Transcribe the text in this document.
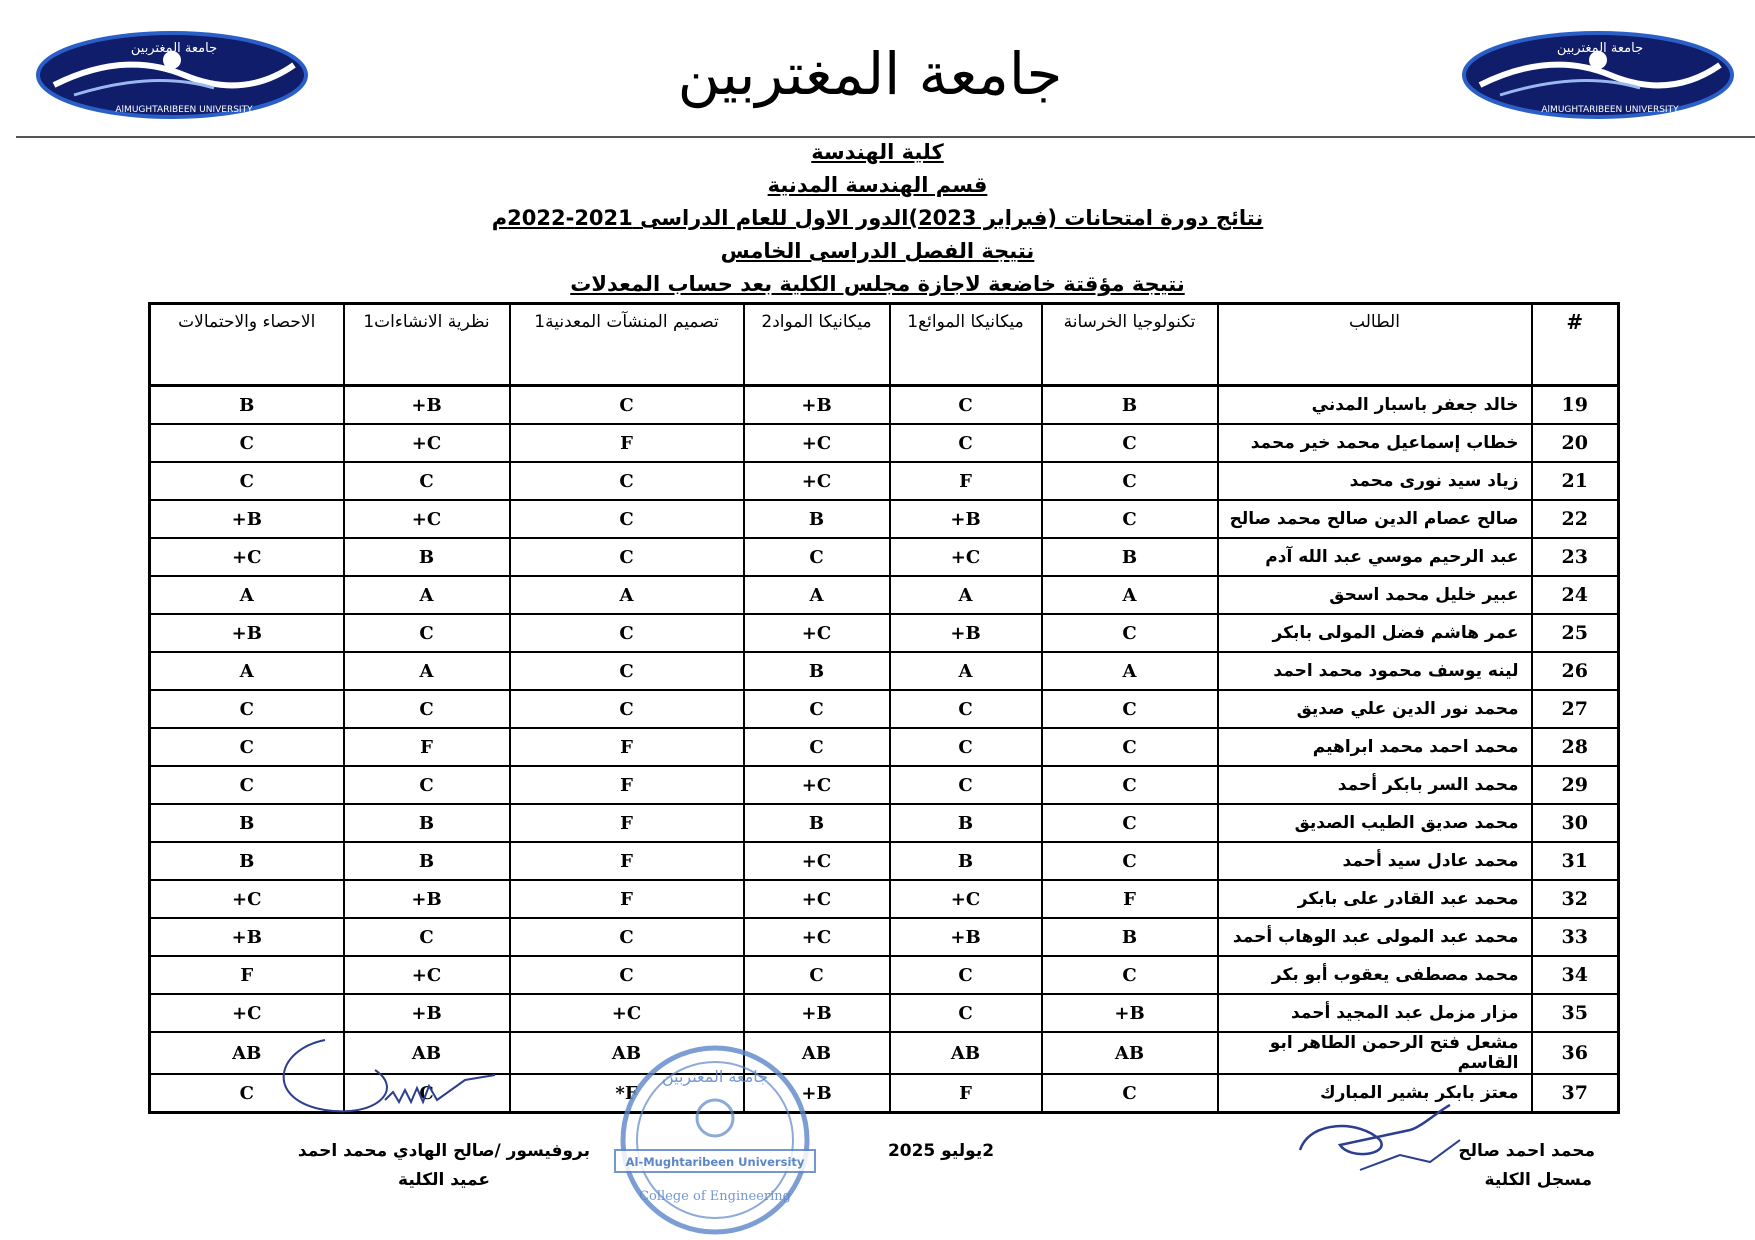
جامعة المغتربين
AlMUGHTARIBEEN UNIVERSITY
جامعة المغتربين
AlMUGHTARIBEEN UNIVERSITY
جامعة المغتربين
كلية الهندسة
قسم الهندسة المدنية
نتائج دورة امتحانات (فبراير 2023)الدور الاول للعام الدراسى 2021-2022م
نتيجة الفصل الدراسى الخامس
نتيجة مؤقتة خاضعة لاجازة مجلس الكلية بعد حساب المعدلات
#	الطالب	تكنولوجيا الخرسانة	ميكانيكا الموائع1	ميكانيكا المواد2	تصميم المنشآت المعدنية1	نظرية الانشاءات1	الاحصاء والاحتمالات
19	خالد جعفر باسبار المدني	B	C	B+	C	B+	B
20	خطاب إسماعيل محمد خير محمد	C	C	C+	F	C+	C
21	زياد سيد نورى محمد	C	F	C+	C	C	C
22	صالح عصام الدين صالح محمد صالح	C	B+	B	C	C+	B+
23	عبد الرحيم موسي عبد الله آدم	B	C+	C	C	B	C+
24	عبير خليل محمد اسحق	A	A	A	A	A	A
25	عمر هاشم فضل المولى بابكر	C	B+	C+	C	C	B+
26	لينه يوسف محمود محمد احمد	A	A	B	C	A	A
27	محمد نور الدين علي صديق	C	C	C	C	C	C
28	محمد احمد محمد ابراهيم	C	C	C	F	F	C
29	محمد السر بابكر أحمد	C	C	C+	F	C	C
30	محمد صديق الطيب الصديق	C	B	B	F	B	B
31	محمد عادل سيد أحمد	C	B	C+	F	B	B
32	محمد عبد القادر على بابكر	F	C+	C+	F	B+	C+
33	محمد عبد المولى عبد الوهاب أحمد	B	B+	C+	C	C	B+
34	محمد مصطفى يعقوب أبو بكر	C	C	C	C	C+	F
35	مزار مزمل عبد المجيد أحمد	B+	C	B+	C+	B+	C+
36	مشعل فتح الرحمن الطاهر ابو القاسم	AB	AB	AB	AB	AB	AB
37	معتز بابكر بشير المبارك	C	F	B+	F*	C	C
جامعة المغتربين
Al-Mughtaribeen University
College of Engineering
محمد احمد صالح
مسجل الكلية
2يوليو 2025
بروفيسور /صالح الهادي محمد احمد
عميد الكلية
